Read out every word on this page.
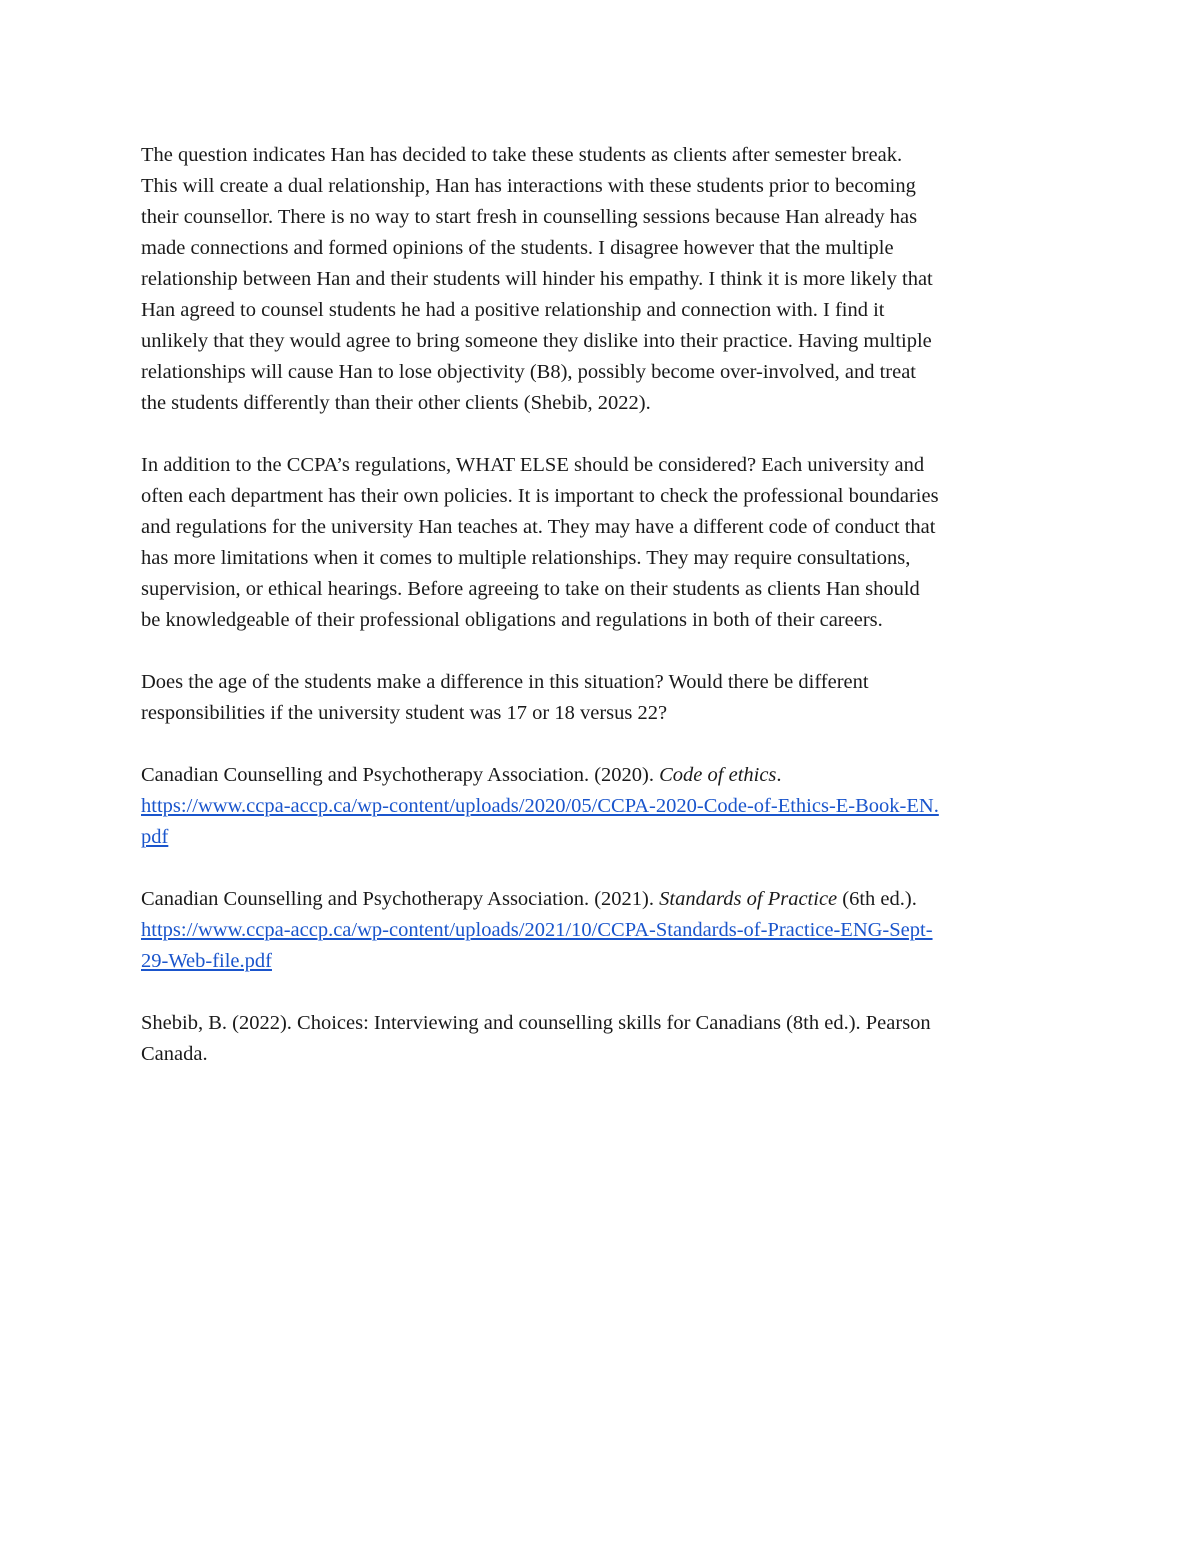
The question indicates Han has decided to take these students as clients after semester break.
This will create a dual relationship, Han has interactions with these students prior to becoming
their counsellor. There is no way to start fresh in counselling sessions because Han already has
made connections and formed opinions of the students. I disagree however that the multiple
relationship between Han and their students will hinder his empathy. I think it is more likely that
Han agreed to counsel students he had a positive relationship and connection with. I find it
unlikely that they would agree to bring someone they dislike into their practice. Having multiple
relationships will cause Han to lose objectivity (B8), possibly become over-involved, and treat
the students differently than their other clients (Shebib, 2022).

In addition to the CCPA’s regulations, WHAT ELSE should be considered? Each university and
often each department has their own policies. It is important to check the professional boundaries
and regulations for the university Han teaches at. They may have a different code of conduct that
has more limitations when it comes to multiple relationships. They may require consultations,
supervision, or ethical hearings. Before agreeing to take on their students as clients Han should
be knowledgeable of their professional obligations and regulations in both of their careers.

Does the age of the students make a difference in this situation? Would there be different
responsibilities if the university student was 17 or 18 versus 22?

Canadian Counselling and Psychotherapy Association. (2020). Code of ethics.
https://www.ccpa-accp.ca/wp-content/uploads/2020/05/CCPA-2020-Code-of-Ethics-E-Book-EN.
pdf

Canadian Counselling and Psychotherapy Association. (2021). Standards of Practice (6th ed.).
https://www.ccpa-accp.ca/wp-content/uploads/2021/10/CCPA-Standards-of-Practice-ENG-Sept-
29-Web-file.pdf

Shebib, B. (2022). Choices: Interviewing and counselling skills for Canadians (8th ed.). Pearson
Canada.
